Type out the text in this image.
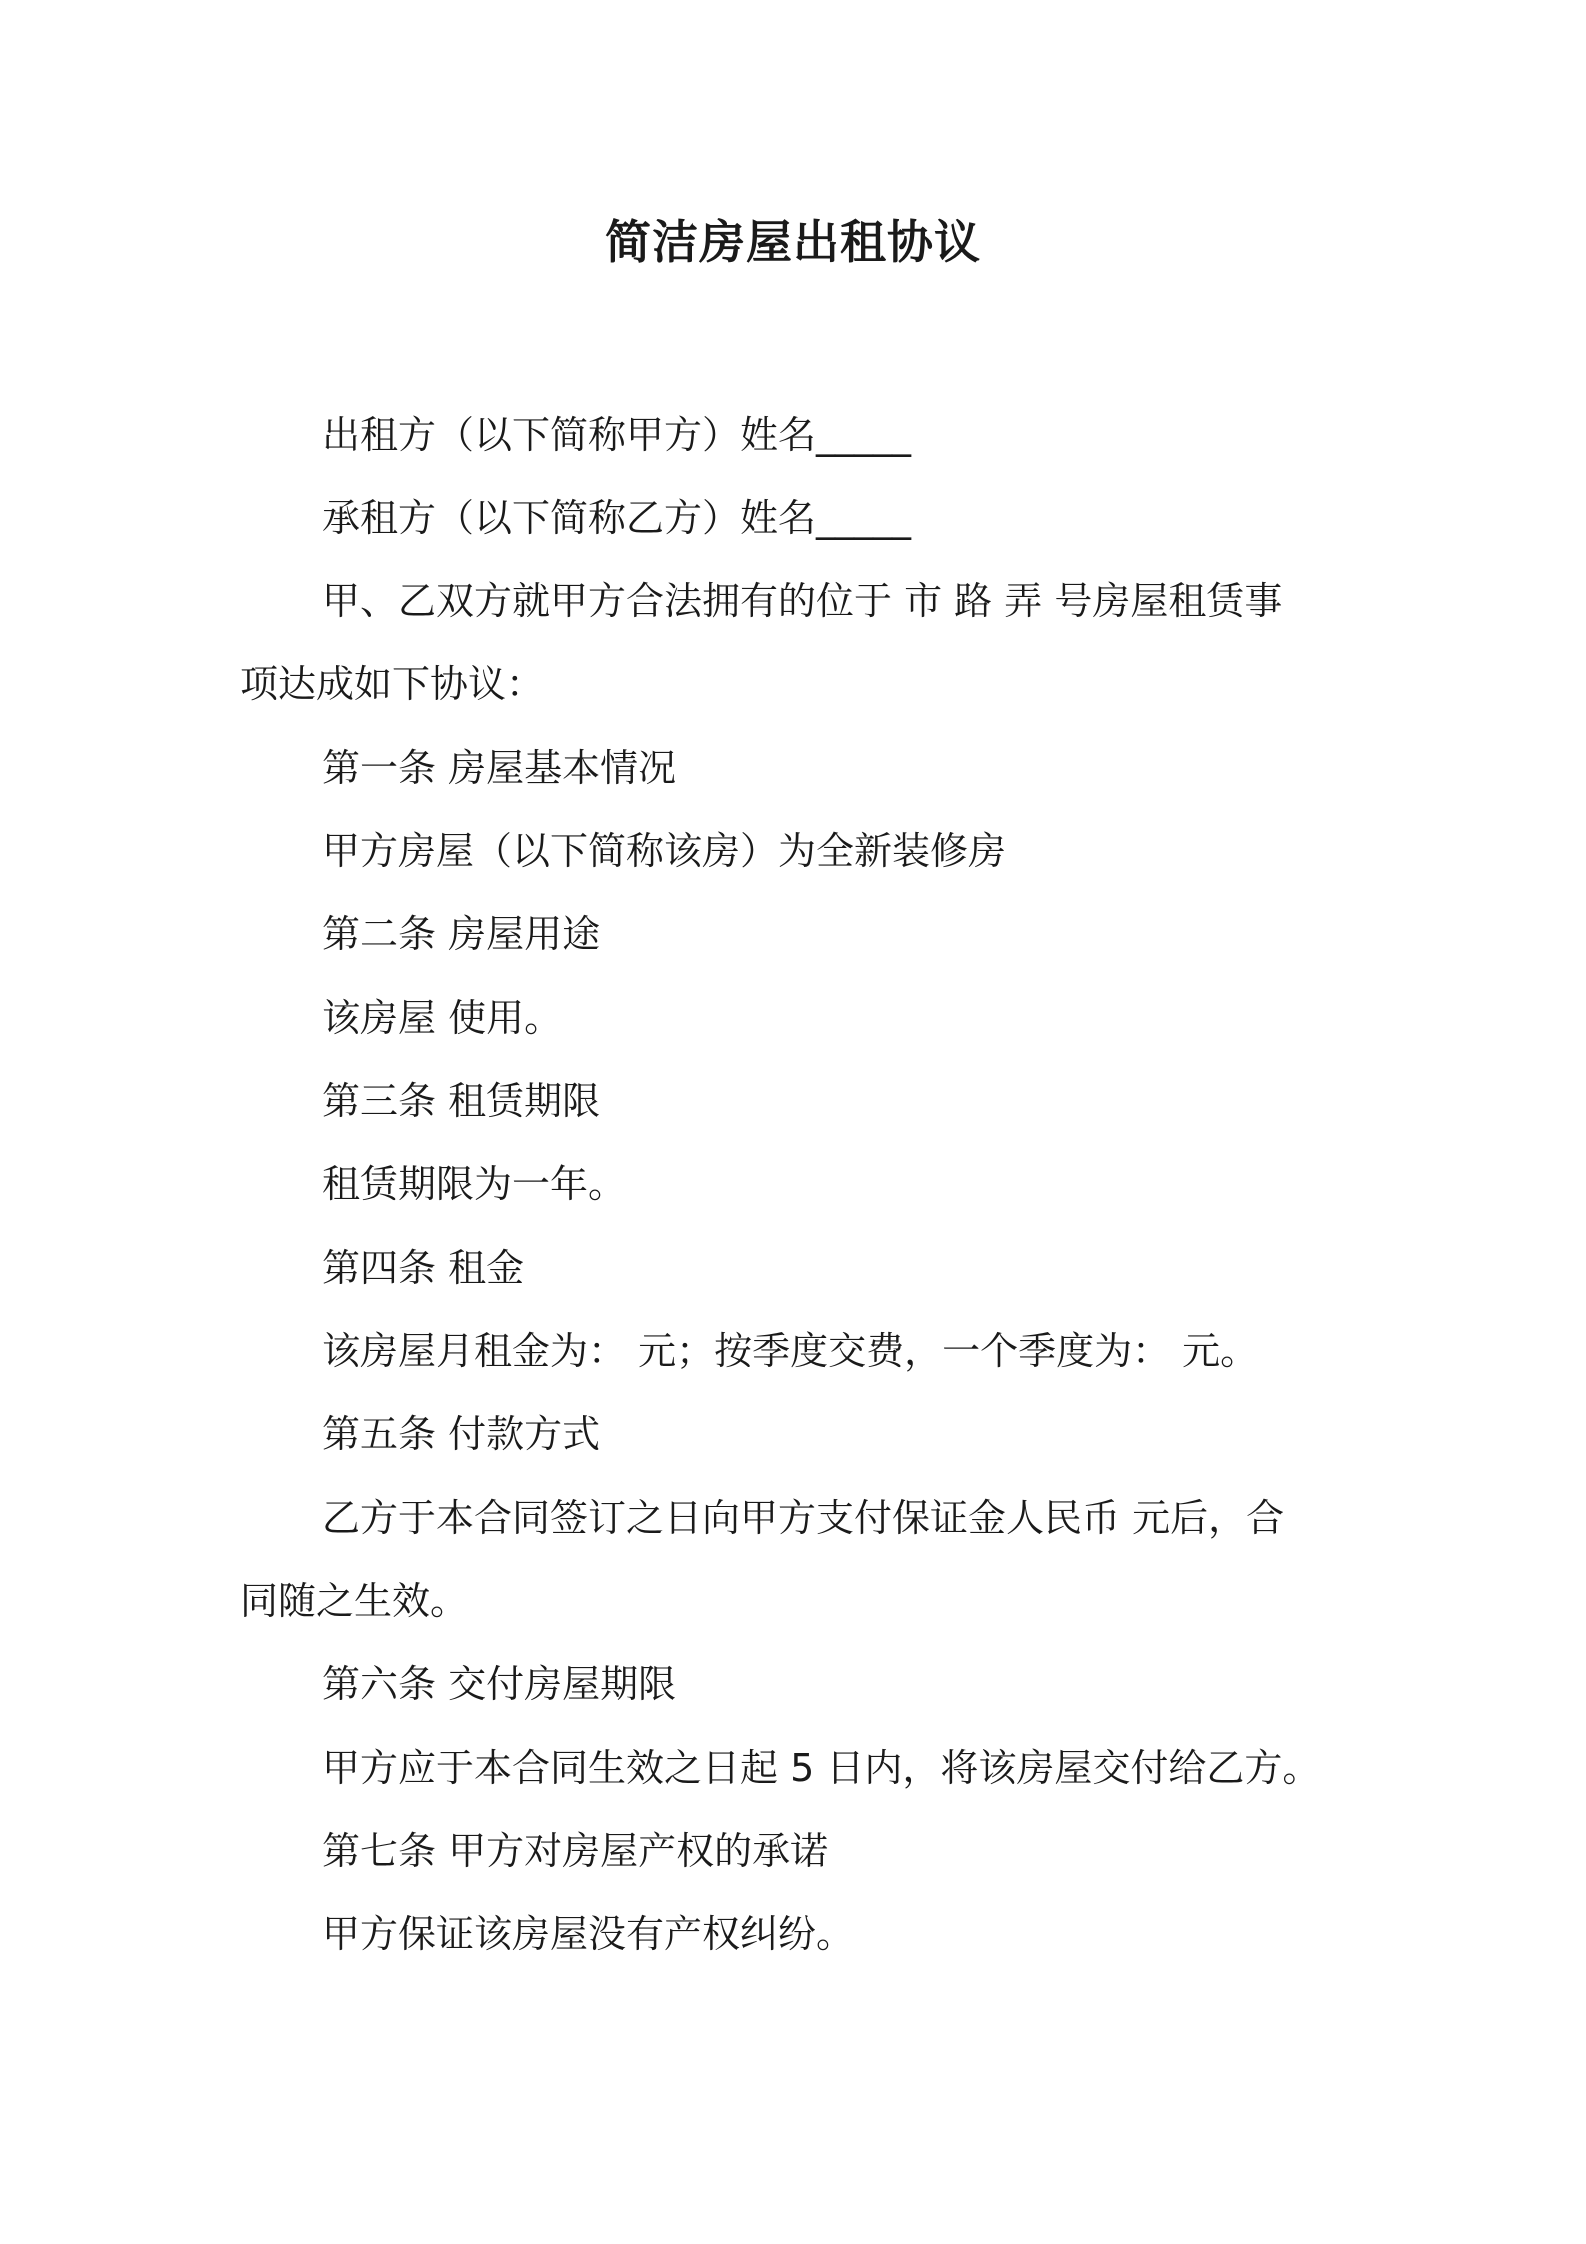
简洁房屋出租协议
出租方（以下简称甲方）姓名_____
承租方（以下简称乙方）姓名_____
甲、乙双方就甲方合法拥有的位于 市 路 弄 号房屋租赁事
项达成如下协议：
第一条 房屋基本情况
甲方房屋（以下简称该房）为全新装修房
第二条 房屋用途
该房屋 使用。
第三条 租赁期限
租赁期限为一年。
第四条 租金
该房屋月租金为： 元；按季度交费，一个季度为： 元。
第五条 付款方式
乙方于本合同签订之日向甲方支付保证金人民币 元后，合
同随之生效。
第六条 交付房屋期限
甲方应于本合同生效之日起 5 日内，将该房屋交付给乙方。
第七条 甲方对房屋产权的承诺
甲方保证该房屋没有产权纠纷。
